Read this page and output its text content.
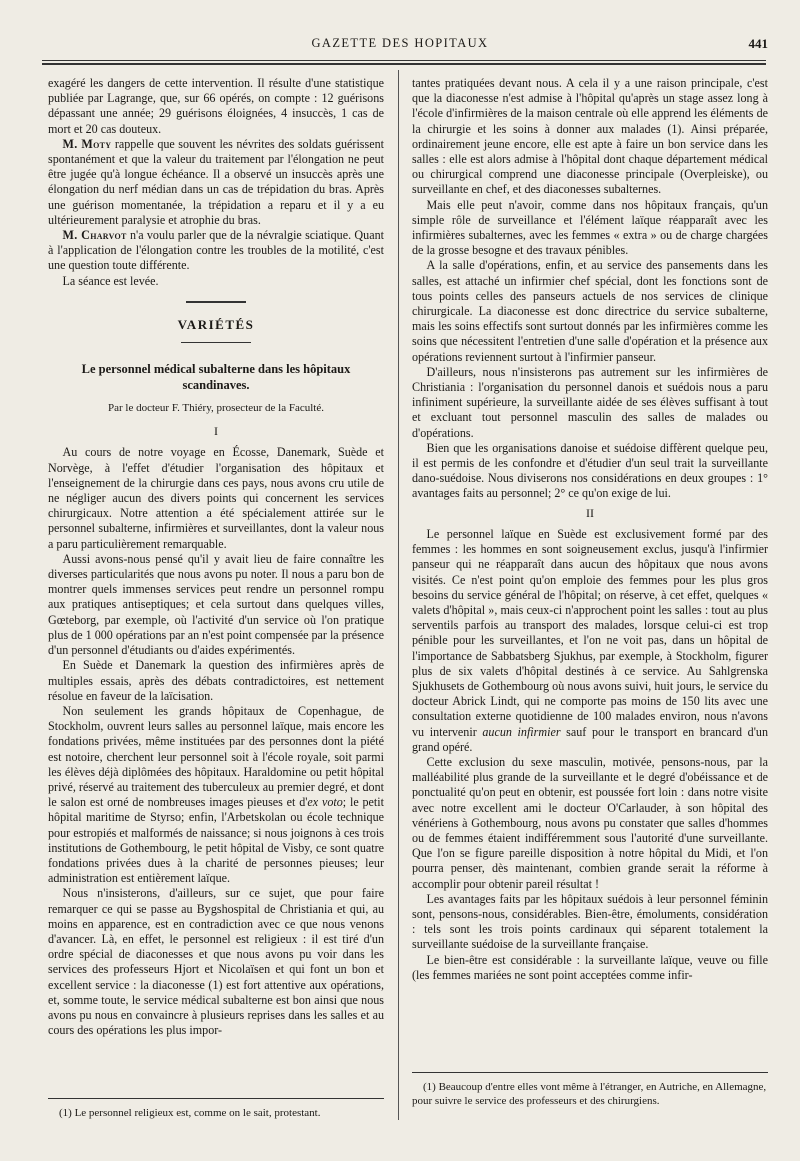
GAZETTE DES HOPITAUX	441

exagéré les dangers de cette intervention. Il résulte d'une statistique publiée par Lagrange, que, sur 66 opérés, on compte : 12 guérisons dépassant une année; 29 guérisons éloignées, 4 insuccès, 1 cas de mort et 20 cas douteux.

M. Moty rappelle que souvent les névrites des soldats guérissent spontanément et que la valeur du traitement par l'élongation ne peut être jugée qu'à longue échéance. Il a observé un insuccès après une élongation du nerf médian dans un cas de trépidation du bras. Après une guérison momentanée, la trépidation a reparu et il y a eu ultérieurement paralysie et atrophie du bras.

M. Charvot n'a voulu parler que de la névralgie sciatique. Quant à l'application de l'élongation contre les troubles de la motilité, c'est une question toute différente.

La séance est levée.

VARIÉTÉS
Le personnel médical subalterne dans les hôpitaux scandinaves.
Par le docteur F. Thiéry, prosecteur de la Faculté.
I

Au cours de notre voyage en Écosse, Danemark, Suède et Norvège, à l'effet d'étudier l'organisation des hôpitaux et l'enseignement de la chirurgie dans ces pays, nous avons cru utile de ne négliger aucun des divers points qui concernent les services chirurgicaux. Notre attention a été spécialement attirée sur le personnel subalterne, infirmières et surveillantes, dont la valeur nous a paru particulièrement remarquable.

Aussi avons-nous pensé qu'il y avait lieu de faire connaître les diverses particularités que nous avons pu noter. Il nous a paru bon de montrer quels immenses services peut rendre un personnel rompu aux pratiques antiseptiques; et cela surtout dans quelques villes, Gœteborg, par exemple, où l'activité d'un service où l'on pratique plus de 1 000 opérations par an n'est point compensée par la présence d'un personnel d'étudiants ou d'aides expérimentés.

En Suède et Danemark la question des infirmières après de multiples essais, après des débats contradictoires, est nettement résolue en faveur de la laïcisation.

Non seulement les grands hôpitaux de Copenhague, de Stockholm, ouvrent leurs salles au personnel laïque, mais encore les fondations privées, même instituées par des personnes dont la piété est notoire, cherchent leur personnel soit à l'école royale, soit parmi les élèves déjà diplômées des hôpitaux. Haraldomine ou petit hôpital privé, réservé au traitement des tuberculeux au premier degré, et dont le salon est orné de nombreuses images pieuses et d'ex voto; le petit hôpital maritime de Styrso; enfin, l'Arbetskolan ou école technique pour estropiés et malformés de naissance; si nous joignons à ces trois institutions de Gothembourg, le petit hôpital de Visby, ce sont quatre fondations privées dues à la charité de personnes pieuses; leur administration est entièrement laïque.

Nous n'insisterons, d'ailleurs, sur ce sujet, que pour faire remarquer ce qui se passe au Bygshospital de Christiania et qui, au moins en apparence, est en contradiction avec ce que nous venons d'avancer. Là, en effet, le personnel est religieux : il est tiré d'un ordre spécial de diaconesses et que nous avons pu voir dans les services des professeurs Hjort et Nicolaïsen et qui font un bon et excellent service : la diaconesse (1) est fort attentive aux opérations, et, somme toute, le service médical subalterne est bon ainsi que nous avons pu nous en convaincre à plusieurs reprises dans les salles et au cours des opérations les plus impor-

(1) Le personnel religieux est, comme on le sait, protestant.

tantes pratiquées devant nous. A cela il y a une raison principale, c'est que la diaconesse n'est admise à l'hôpital qu'après un stage assez long à l'école d'infirmières de la maison centrale où elle apprend les éléments de la chirurgie et les soins à donner aux malades (1). Ainsi préparée, ordinairement jeune encore, elle est apte à faire un bon service dans les salles : elle est alors admise à l'hôpital dont chaque département médical ou chirurgical comprend une diaconesse principale (Overpleiske), ou surveillante en chef, et des diaconesses subalternes.

Mais elle peut n'avoir, comme dans nos hôpitaux français, qu'un simple rôle de surveillance et l'élément laïque réapparaît avec les infirmières subalternes, avec les femmes « extra » ou de charge chargées de la grosse besogne et des travaux pénibles.

A la salle d'opérations, enfin, et au service des pansements dans les salles, est attaché un infirmier chef spécial, dont les fonctions sont de tous points celles des panseurs actuels de nos services de clinique chirurgicale. La diaconesse est donc directrice du service subalterne, mais les soins effectifs sont surtout donnés par les infirmières comme les soins que nécessitent l'entretien d'une salle d'opération et la présence aux opérations reviennent surtout à l'infirmier panseur.

D'ailleurs, nous n'insisterons pas autrement sur les infirmières de Christiania : l'organisation du personnel danois et suédois nous a paru infiniment supérieure, la surveillante aidée de ses élèves suffisant à tout et excluant tout personnel masculin des salles de malades ou d'opérations.

Bien que les organisations danoise et suédoise diffèrent quelque peu, il est permis de les confondre et d'étudier d'un seul trait la surveillante dano-suédoise. Nous diviserons nos considérations en deux groupes : 1° avantages faits au personnel; 2° ce qu'on exige de lui.

II

Le personnel laïque en Suède est exclusivement formé par des femmes : les hommes en sont soigneusement exclus, jusqu'à l'infirmier panseur qui ne réapparaît dans aucun des hôpitaux que nous avons visités. Ce n'est point qu'on emploie des femmes pour les plus gros besoins du service général de l'hôpital; on réserve, à cet effet, quelques « valets d'hôpital », mais ceux-ci n'approchent point les salles : tout au plus serventils parfois au transport des malades, lorsque celui-ci est trop pénible pour les surveillantes, et l'on ne voit pas, dans un hôpital de l'importance de Sabbatsberg Sjukhus, par exemple, à Stockholm, figurer plus de six valets d'hôpital destinés à ce service. Au Sahlgrenska Sjukhusets de Gothembourg où nous avons suivi, huit jours, le service du docteur Abrick Lindt, qui ne comporte pas moins de 150 lits avec une consultation externe quotidienne de 100 malades environ, nous n'avons vu intervenir aucun infirmier sauf pour le transport en brancard d'un grand opéré.

Cette exclusion du sexe masculin, motivée, pensons-nous, par la malléabilité plus grande de la surveillante et le degré d'obéissance et de ponctualité qu'on peut en obtenir, est poussée fort loin : dans notre visite avec notre excellent ami le docteur O'Carlauder, à son hôpital des vénériens à Gothembourg, nous avons pu constater que salles d'hommes ou de femmes étaient indifféremment sous l'autorité d'une surveillante. Que l'on se figure pareille disposition à notre hôpital du Midi, et l'on pourra penser, dès maintenant, combien grande serait la réforme à accomplir pour obtenir pareil résultat !

Les avantages faits par les hôpitaux suédois à leur personnel féminin sont, pensons-nous, considérables. Bien-être, émoluments, considération : tels sont les trois points cardinaux qui séparent totalement la surveillante suédoise de la surveillante française.

Le bien-être est considérable : la surveillante laïque, veuve ou fille (les femmes mariées ne sont point acceptées comme infir-

(1) Beaucoup d'entre elles vont même à l'étranger, en Autriche, en Allemagne, pour suivre le service des professeurs et des chirurgiens.
